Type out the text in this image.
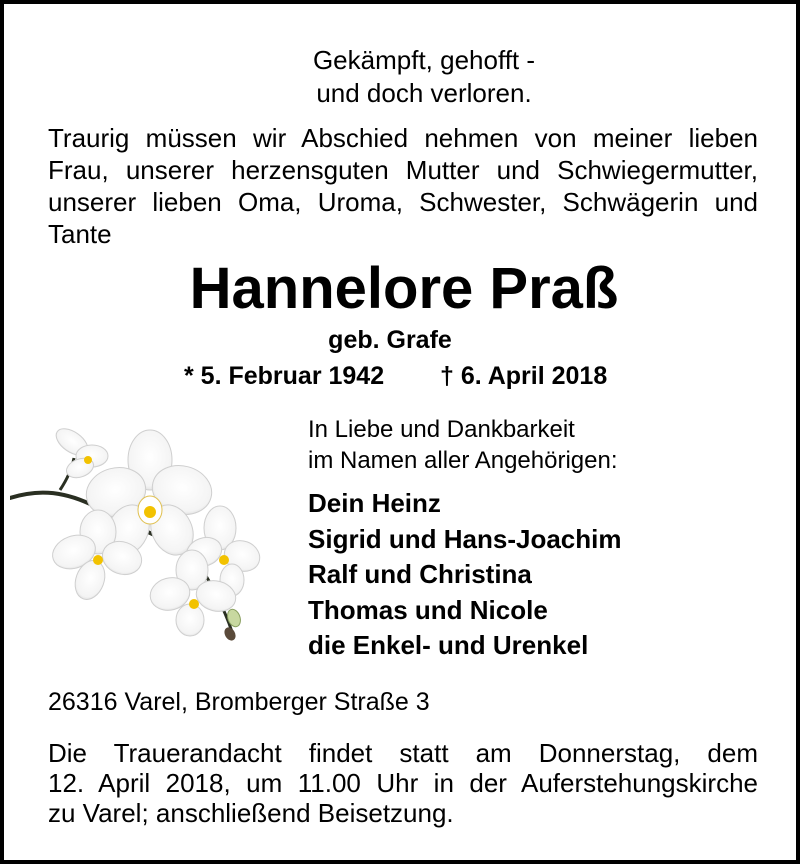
Gekämpft, gehofft -
und doch verloren.
Traurig müssen wir Abschied nehmen von meiner lieben
Frau, unserer herzensguten Mutter und Schwiegermutter,
unserer lieben Oma, Uroma, Schwester, Schwägerin und
Tante
Hannelore Praß
geb. Grafe
* 5. Februar 1942 † 6. April 2018
In Liebe und Dankbarkeit
im Namen aller Angehörigen:
Dein Heinz
Sigrid und Hans-Joachim
Ralf und Christina
Thomas und Nicole
die Enkel- und Urenkel
26316 Varel, Bromberger Straße 3
Die Trauerandacht findet statt am Donnerstag, dem
12. April 2018, um 11.00 Uhr in der Auferstehungskirche
zu Varel; anschließend Beisetzung.
